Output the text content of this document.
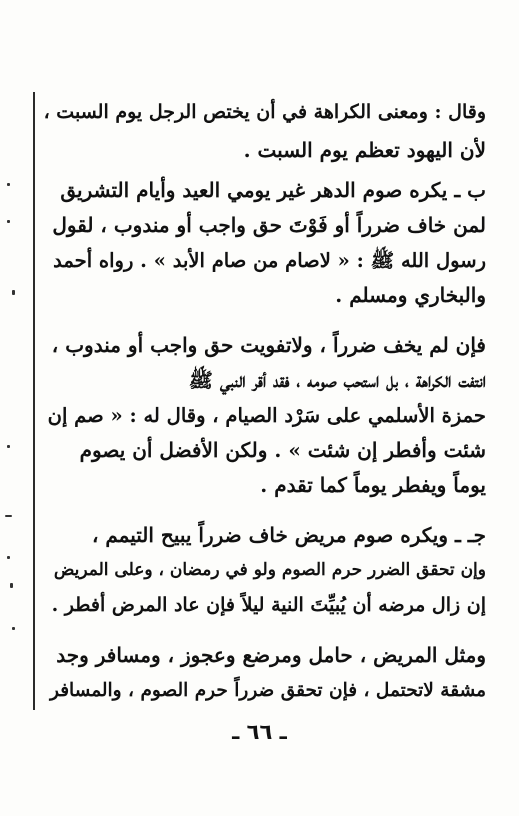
وقال : ومعنى الكراهة في أن يختص الرجل يوم السبت ،
لأن اليهود تعظم يوم السبت .
ب ـ يكره صوم الدهر غير يومي العيد وأيام التشريق
لمن خاف ضرراً أو فَوْتَ حق واجب أو مندوب ، لقول
رسول الله ﷺ : « لاصام من صام الأبد » . رواه أحمد
والبخاري ومسلم .
فإن لم يخف ضرراً ، ولاتفويت حق واجب أو مندوب ،
انتفت الكراهة ، بل استحب صومه ، فقد أقر النبي ﷺ
حمزة الأسلمي على سَرْد الصيام ، وقال له : « صم إن
شئت وأفطر إن شئت » . ولكن الأفضل أن يصوم
يوماً ويفطر يوماً كما تقدم .
جـ ـ ويكره صوم مريض خاف ضرراً يبيح التيمم ،
وإن تحقق الضرر حرم الصوم ولو في رمضان ، وعلى المريض
إن زال مرضه أن يُبيِّتَ النية ليلاً فإن عاد المرض أفطر .
ومثل المريض ، حامل ومرضع وعجوز ، ومسافر وجد
مشقة لاتحتمل ، فإن تحقق ضرراً حرم الصوم ، والمسافر
ـ ٦٦ ـ
